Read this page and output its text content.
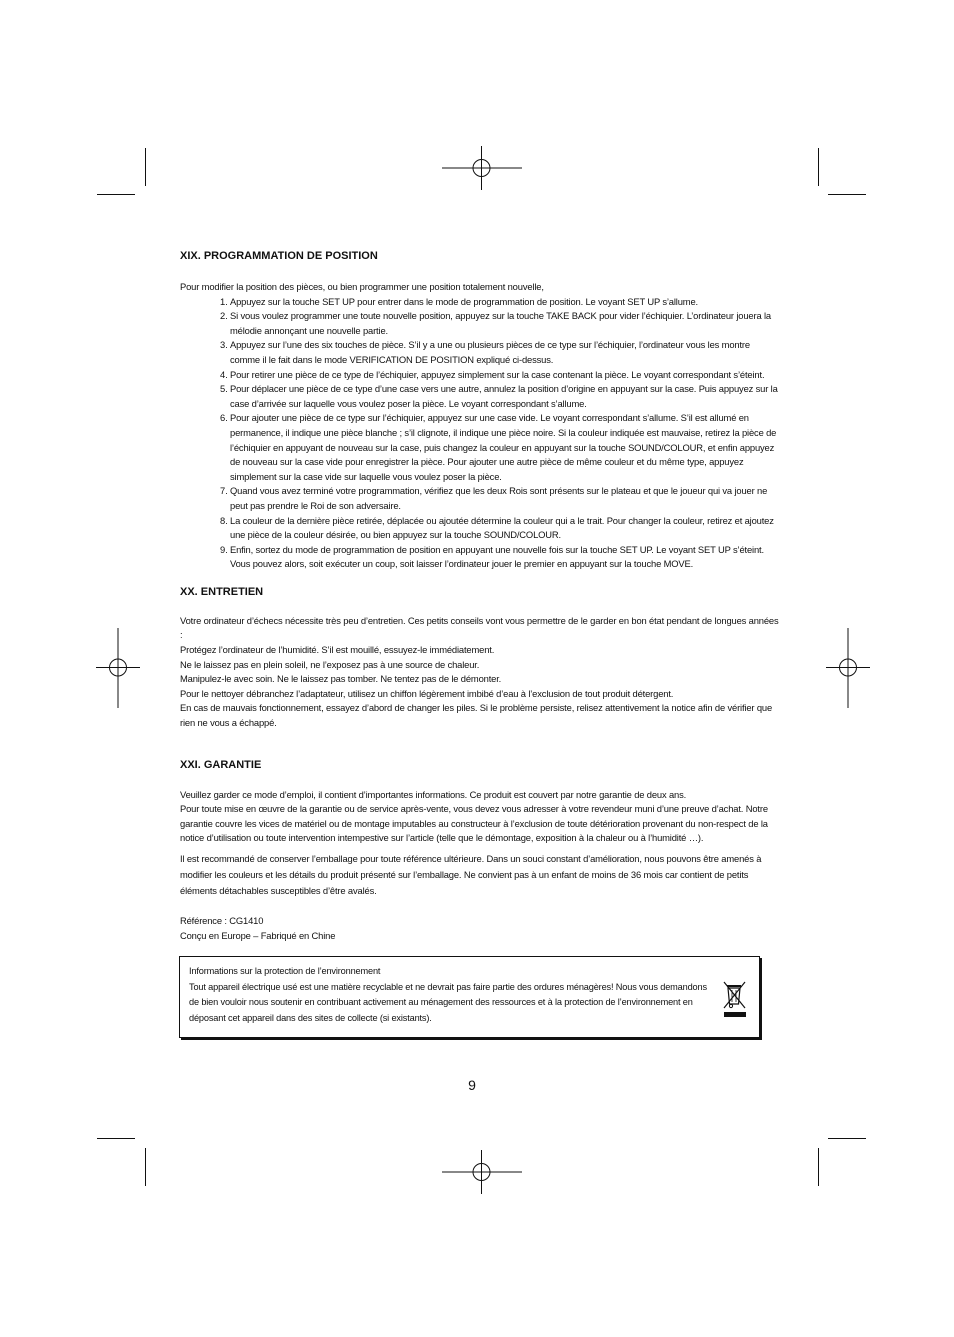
XIX. PROGRAMMATION DE POSITION

Pour modifier la position des pièces, ou bien programmer une position totalement nouvelle,

1. Appuyez sur la touche SET UP pour entrer dans le mode de programmation de position. Le voyant SET UP s’allume.
2. Si vous voulez programmer une toute nouvelle position, appuyez sur la touche TAKE BACK pour vider l’échiquier. L’ordinateur jouera la mélodie annonçant une nouvelle partie.
3. Appuyez sur l’une des six touches de pièce. S’il y a une ou plusieurs pièces de ce type sur l’échiquier, l’ordinateur vous les montre comme il le fait dans le mode VERIFICATION DE POSITION expliqué ci-dessus.
4. Pour retirer une pièce de ce type de l’échiquier, appuyez simplement sur la case contenant la pièce. Le voyant correspondant s’éteint.
5. Pour déplacer une pièce de ce type d’une case vers une autre, annulez la position d’origine en appuyant sur la case. Puis appuyez sur la case d’arrivée sur laquelle vous voulez poser la pièce. Le voyant correspondant s’allume.
6. Pour ajouter une pièce de ce type sur l’échiquier, appuyez sur une case vide. Le voyant correspondant s’allume. S’il est allumé en permanence, il indique une pièce blanche ; s’il clignote, il indique une pièce noire. Si la couleur indiquée est mauvaise, retirez la pièce de l’échiquier en appuyant de nouveau sur la case, puis changez la couleur en appuyant sur la touche SOUND/COLOUR, et enfin appuyez de nouveau sur la case vide pour enregistrer la pièce. Pour ajouter une autre pièce de même couleur et du même type, appuyez simplement sur la case vide sur laquelle vous voulez poser la pièce.
7. Quand vous avez terminé votre programmation, vérifiez que les deux Rois sont présents sur le plateau et que le joueur qui va jouer ne peut pas prendre le Roi de son adversaire.
8. La couleur de la dernière pièce retirée, déplacée ou ajoutée détermine la couleur qui a le trait. Pour changer la couleur, retirez et ajoutez une pièce de la couleur désirée, ou bien appuyez sur la touche SOUND/COLOUR.
9. Enfin, sortez du mode de programmation de position en appuyant une nouvelle fois sur la touche SET UP. Le voyant SET UP s’éteint. Vous pouvez alors, soit exécuter un coup, soit laisser l’ordinateur jouer le premier en appuyant sur la touche MOVE.
XX. ENTRETIEN

Votre ordinateur d’échecs nécessite très peu d’entretien. Ces petits conseils vont vous permettre de le garder en bon état pendant de longues années :

Protégez l’ordinateur de l’humidité. S’il est mouillé, essuyez-le immédiatement.

Ne le laissez pas en plein soleil, ne l’exposez pas à une source de chaleur.

Manipulez-le avec soin. Ne le laissez pas tomber. Ne tentez pas de le démonter.

Pour le nettoyer débranchez l’adaptateur, utilisez un chiffon légèrement imbibé d’eau à l’exclusion de tout produit détergent.

En cas de mauvais fonctionnement, essayez d’abord de changer les piles. Si le problème persiste, relisez attentivement la notice afin de vérifier que rien ne vous a échappé.

XXI. GARANTIE

Veuillez garder ce mode d’emploi, il contient d’importantes informations. Ce produit est couvert par notre garantie de deux ans.

Pour toute mise en œuvre de la garantie ou de service après-vente, vous devez vous adresser à votre revendeur muni d’une preuve d’achat. Notre garantie couvre les vices de matériel ou de montage imputables au constructeur à l’exclusion de toute détérioration provenant du non-respect de la notice d’utilisation ou toute intervention intempestive sur l’article (telle que le démontage, exposition à la chaleur ou à l’humidité …).

Il est recommandé de conserver l’emballage pour toute référence ultérieure. Dans un souci constant d’amélioration, nous pouvons être amenés à modifier les couleurs et les détails du produit présenté sur l’emballage. Ne convient pas à un enfant de moins de 36 mois car contient de petits éléments détachables susceptibles d’être avalés.

Référence : CG1410

Conçu en Europe – Fabriqué en Chine

Informations sur la protection de l’environnement

Tout appareil électrique usé est une matière recyclable et ne devrait pas faire partie des ordures ménagères! Nous vous demandons de bien vouloir nous soutenir en contribuant activement au ménagement des ressources et à la protection de l’environnement en déposant cet appareil dans des sites de collecte (si existants).

9
